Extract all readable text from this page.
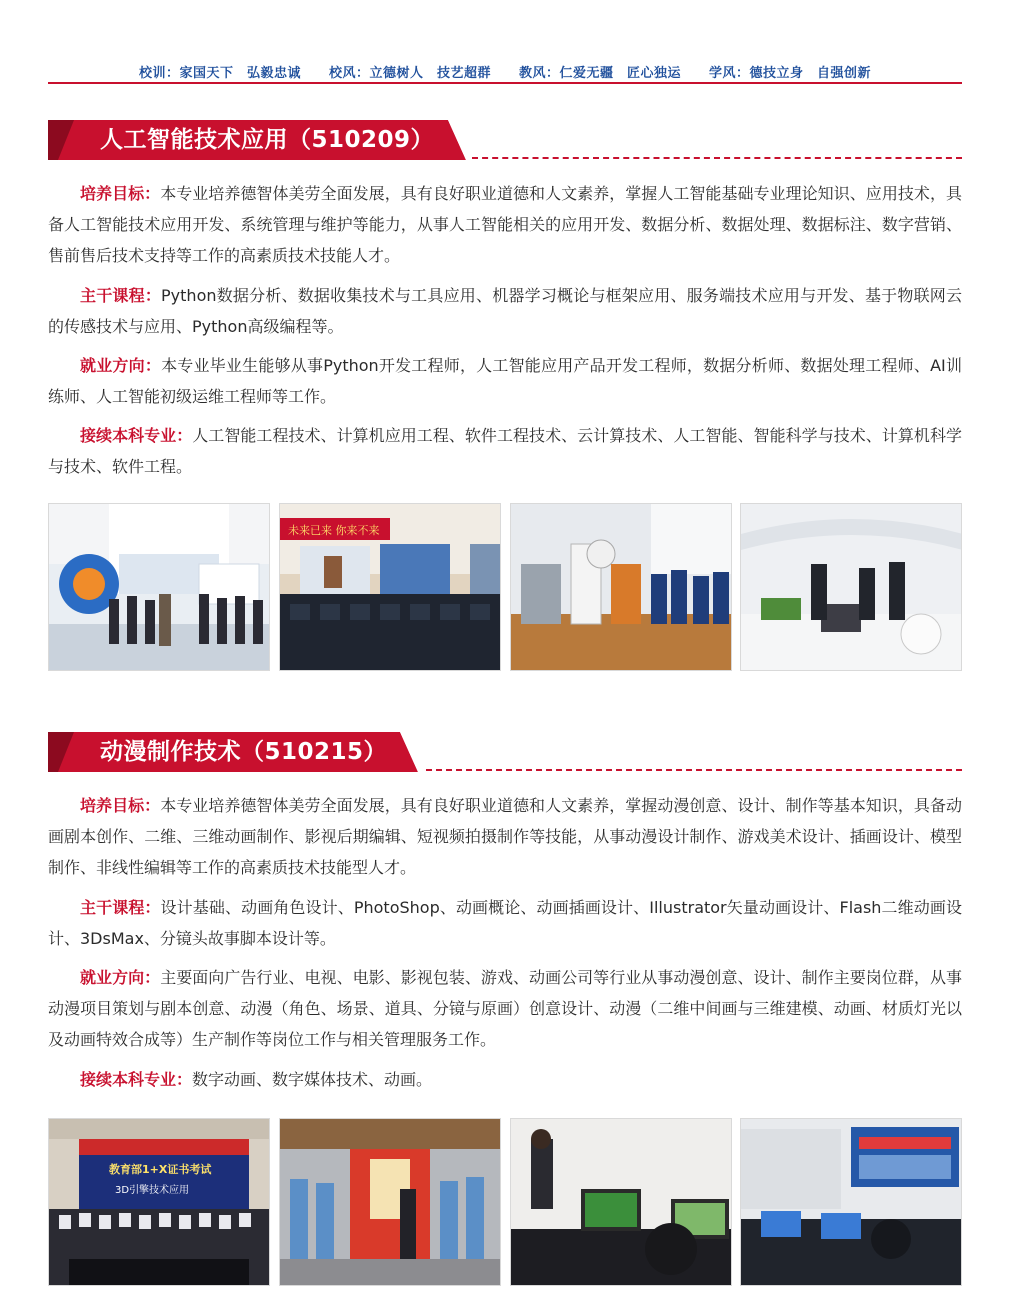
校训：家国天下　弘毅忠诚 校风：立德树人　技艺超群 教风：仁爱无疆　匠心独运 学风：德技立身　自强创新
人工智能技术应用（510209）
培养目标：本专业培养德智体美劳全面发展，具有良好职业道德和人文素养，掌握人工智能基础专业理论知识、应用技术，具备人工智能技术应用开发、系统管理与维护等能力，从事人工智能相关的应用开发、数据分析、数据处理、数据标注、数字营销、售前售后技术支持等工作的高素质技术技能人才。
主干课程：Python数据分析、数据收集技术与工具应用、机器学习概论与框架应用、服务端技术应用与开发、基于物联网云的传感技术与应用、Python高级编程等。
就业方向：本专业毕业生能够从事Python开发工程师，人工智能应用产品开发工程师，数据分析师、数据处理工程师、AI训练师、人工智能初级运维工程师等工作。
接续本科专业：人工智能工程技术、计算机应用工程、软件工程技术、云计算技术、人工智能、智能科学与技术、计算机科学与技术、软件工程。
未来已来 你来不来
动漫制作技术（510215）
培养目标：本专业培养德智体美劳全面发展，具有良好职业道德和人文素养，掌握动漫创意、设计、制作等基本知识，具备动画剧本创作、二维、三维动画制作、影视后期编辑、短视频拍摄制作等技能，从事动漫设计制作、游戏美术设计、插画设计、模型制作、非线性编辑等工作的高素质技术技能型人才。
主干课程：设计基础、动画角色设计、PhotoShop、动画概论、动画插画设计、Illustrator矢量动画设计、Flash二维动画设计、3DsMax、分镜头故事脚本设计等。
就业方向：主要面向广告行业、电视、电影、影视包装、游戏、动画公司等行业从事动漫创意、设计、制作主要岗位群，从事动漫项目策划与剧本创意、动漫（角色、场景、道具、分镜与原画）创意设计、动漫（二维中间画与三维建模、动画、材质灯光以及动画特效合成等）生产制作等岗位工作与相关管理服务工作。
接续本科专业：数字动画、数字媒体技术、动画。
教育部1+X证书考试
3D引擎技术应用
